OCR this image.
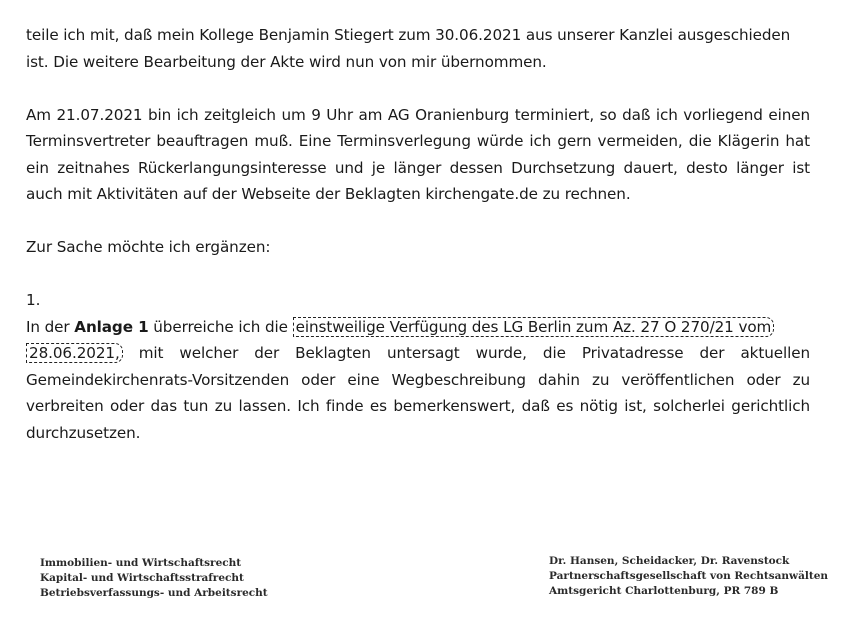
teile ich mit, daß mein Kollege Benjamin Stiegert zum 30.06.2021 aus unserer Kanzlei ausgeschieden
ist. Die weitere Bearbeitung der Akte wird nun von mir übernommen.

Am 21.07.2021 bin ich zeitgleich um 9 Uhr am AG Oranienburg terminiert, so daß ich vorliegend einen Terminsvertreter beauftragen muß. Eine Terminsverlegung würde ich gern vermeiden, die Klägerin hat ein zeitnahes Rückerlangungsinteresse und je länger dessen Durchsetzung dauert, desto länger ist auch mit Aktivitäten auf der Webseite der Beklagten kirchengate.de zu rechnen.

Zur Sache möchte ich ergänzen:

1.

In der Anlage 1 überreiche ich die einstweilige Verfügung des LG Berlin zum Az. 27 O 270/21 vom
28.06.2021, mit welcher der Beklagten untersagt wurde, die Privatadresse der aktuellen Gemeindekirchenrats-Vorsitzenden oder eine Wegbeschreibung dahin zu veröffentlichen oder zu verbreiten oder das tun zu lassen. Ich finde es bemerkenswert, daß es nötig ist, solcherlei gerichtlich durchzusetzen.

Immobilien- und Wirtschaftsrecht
Kapital- und Wirtschaftsstrafrecht
Betriebsverfassungs- und Arbeitsrecht
Dr. Hansen, Scheidacker, Dr. Ravenstock
Partnerschaftsgesellschaft von Rechtsanwälten
Amtsgericht Charlottenburg, PR 789 B
